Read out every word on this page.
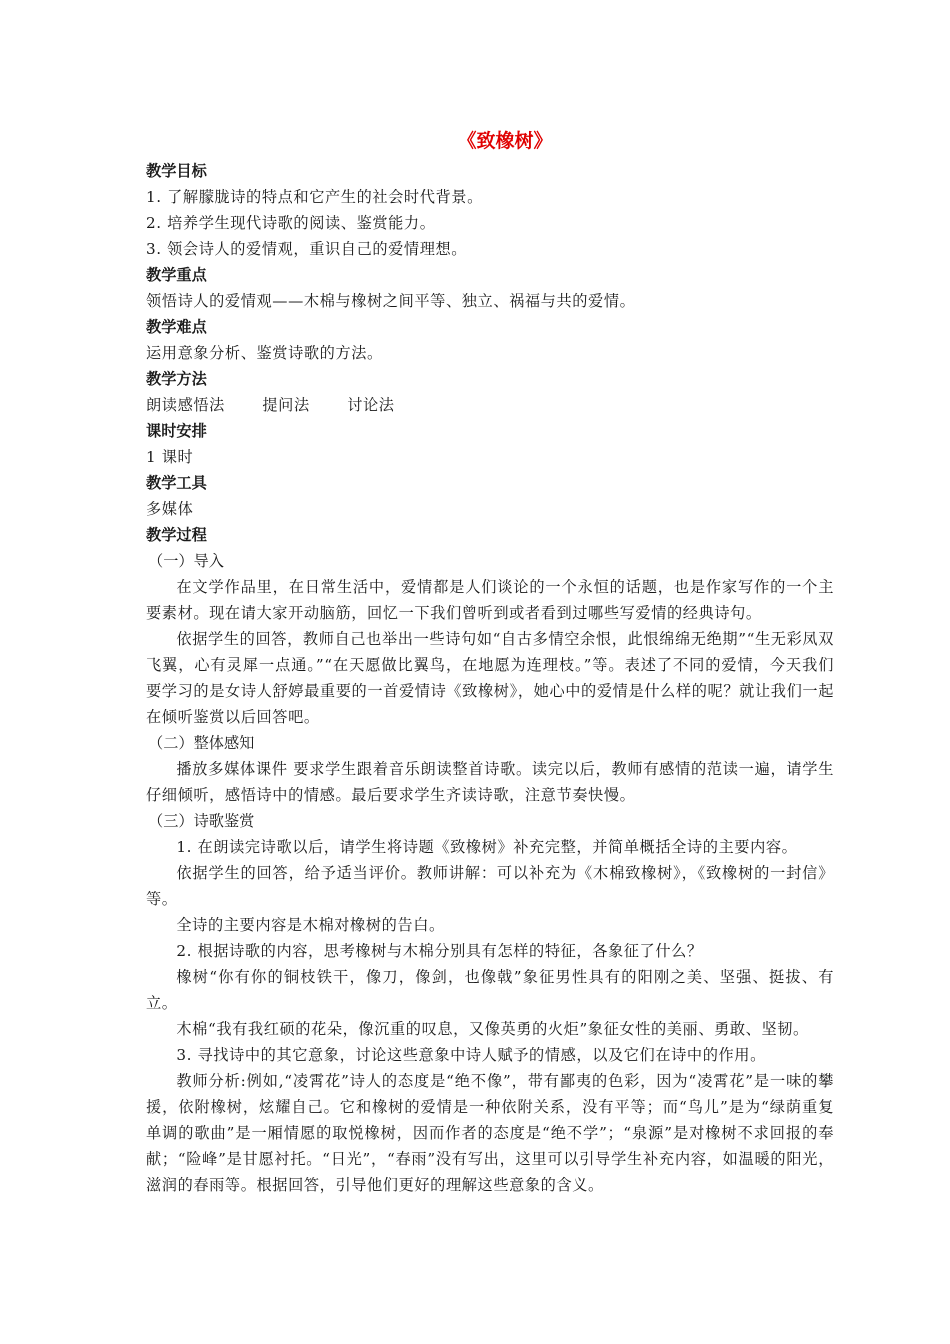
《致橡树》
教学目标
1. 了解朦胧诗的特点和它产生的社会时代背景。
2. 培养学生现代诗歌的阅读、鉴赏能力。
3. 领会诗人的爱情观，重识自己的爱情理想。
教学重点
领悟诗人的爱情观——木棉与橡树之间平等、独立、祸福与共的爱情。
教学难点
运用意象分析、鉴赏诗歌的方法。
教学方法
朗读感悟法 提问法 讨论法
课时安排
1 课时
教学工具
多媒体
教学过程
（一）导入

在文学作品里，在日常生活中，爱情都是人们谈论的一个永恒的话题，也是作家写作的一个主要素材。现在请大家开动脑筋，回忆一下我们曾听到或者看到过哪些写爱情的经典诗句。

依据学生的回答，教师自己也举出一些诗句如“自古多情空余恨，此恨绵绵无绝期”“生无彩凤双飞翼，心有灵犀一点通。”“在天愿做比翼鸟，在地愿为连理枝。”等。表述了不同的爱情，今天我们要学习的是女诗人舒婷最重要的一首爱情诗《致橡树》，她心中的爱情是什么样的呢？就让我们一起在倾听鉴赏以后回答吧。

（二）整体感知

播放多媒体课件 要求学生跟着音乐朗读整首诗歌。读完以后，教师有感情的范读一遍，请学生仔细倾听，感悟诗中的情感。最后要求学生齐读诗歌，注意节奏快慢。

（三）诗歌鉴赏

1. 在朗读完诗歌以后，请学生将诗题《致橡树》补充完整，并简单概括全诗的主要内容。

依据学生的回答，给予适当评价。教师讲解：可以补充为《木棉致橡树》，《致橡树的一封信》等。

全诗的主要内容是木棉对橡树的告白。

2. 根据诗歌的内容，思考橡树与木棉分别具有怎样的特征，各象征了什么？

橡树“你有你的铜枝铁干，像刀，像剑，也像戟”象征男性具有的阳刚之美、坚强、挺拔、有立。

木棉“我有我红硕的花朵，像沉重的叹息，又像英勇的火炬”象征女性的美丽、勇敢、坚韧。

3. 寻找诗中的其它意象，讨论这些意象中诗人赋予的情感，以及它们在诗中的作用。

教师分析:例如,“凌霄花”诗人的态度是“绝不像”，带有鄙夷的色彩，因为“凌霄花”是一味的攀援，依附橡树，炫耀自己。它和橡树的爱情是一种依附关系，没有平等；而“鸟儿”是为“绿荫重复单调的歌曲”是一厢情愿的取悦橡树，因而作者的态度是“绝不学”；“泉源”是对橡树不求回报的奉献；“险峰”是甘愿衬托。“日光”，“春雨”没有写出，这里可以引导学生补充内容，如温暖的阳光，滋润的春雨等。根据回答，引导他们更好的理解这些意象的含义。
